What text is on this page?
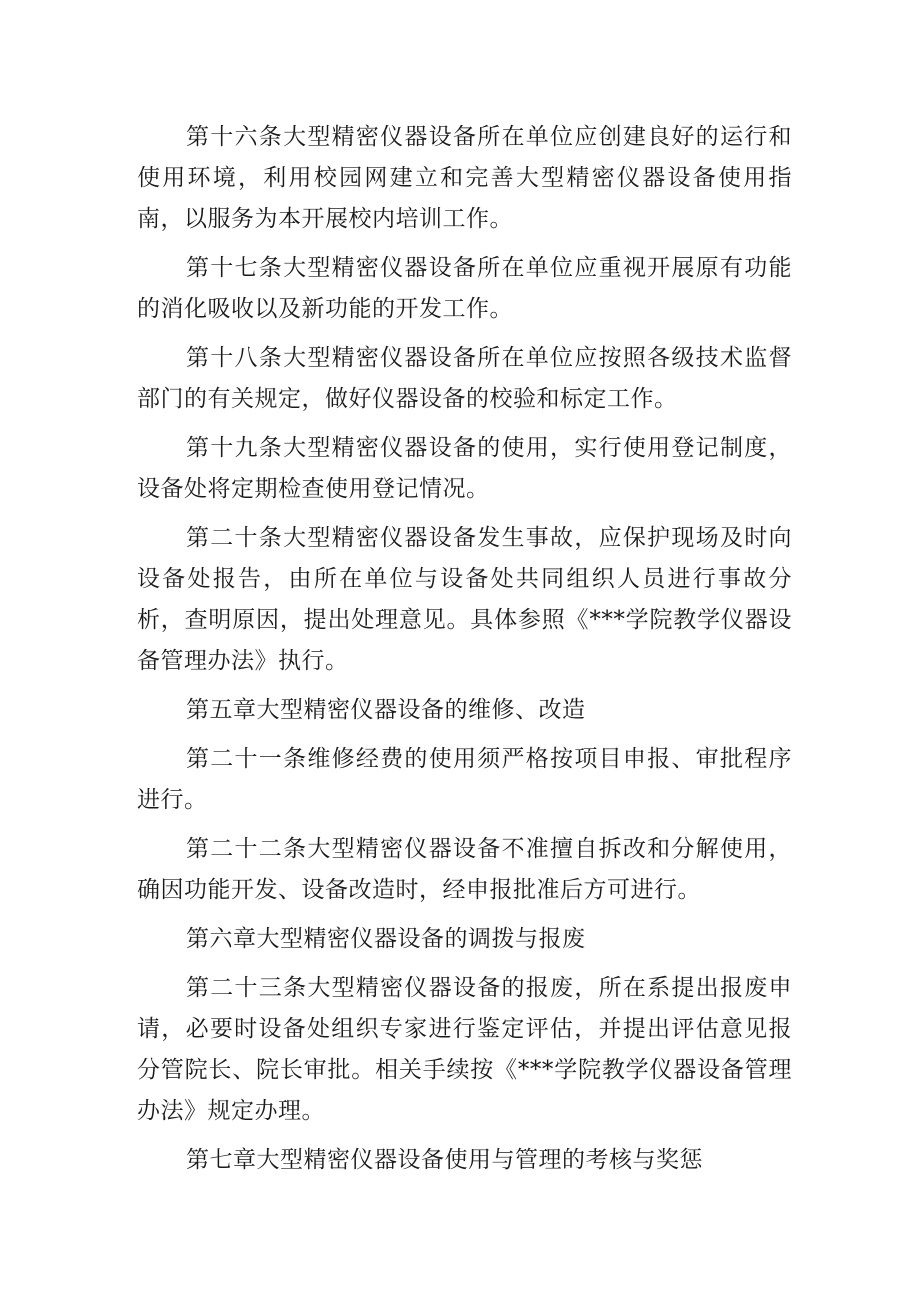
第十六条大型精密仪器设备所在单位应创建良好的运行和使用环境，利用校园网建立和完善大型精密仪器设备使用指南，以服务为本开展校内培训工作。

第十七条大型精密仪器设备所在单位应重视开展原有功能的消化吸收以及新功能的开发工作。

第十八条大型精密仪器设备所在单位应按照各级技术监督部门的有关规定，做好仪器设备的校验和标定工作。

第十九条大型精密仪器设备的使用，实行使用登记制度，设备处将定期检查使用登记情况。

第二十条大型精密仪器设备发生事故，应保护现场及时向设备处报告，由所在单位与设备处共同组织人员进行事故分析，查明原因，提出处理意见。具体参照《***学院教学仪器设备管理办法》执行。

第五章大型精密仪器设备的维修、改造

第二十一条维修经费的使用须严格按项目申报、审批程序进行。

第二十二条大型精密仪器设备不准擅自拆改和分解使用，确因功能开发、设备改造时，经申报批准后方可进行。

第六章大型精密仪器设备的调拨与报废

第二十三条大型精密仪器设备的报废，所在系提出报废申请，必要时设备处组织专家进行鉴定评估，并提出评估意见报分管院长、院长审批。相关手续按《***学院教学仪器设备管理办法》规定办理。

第七章大型精密仪器设备使用与管理的考核与奖惩
